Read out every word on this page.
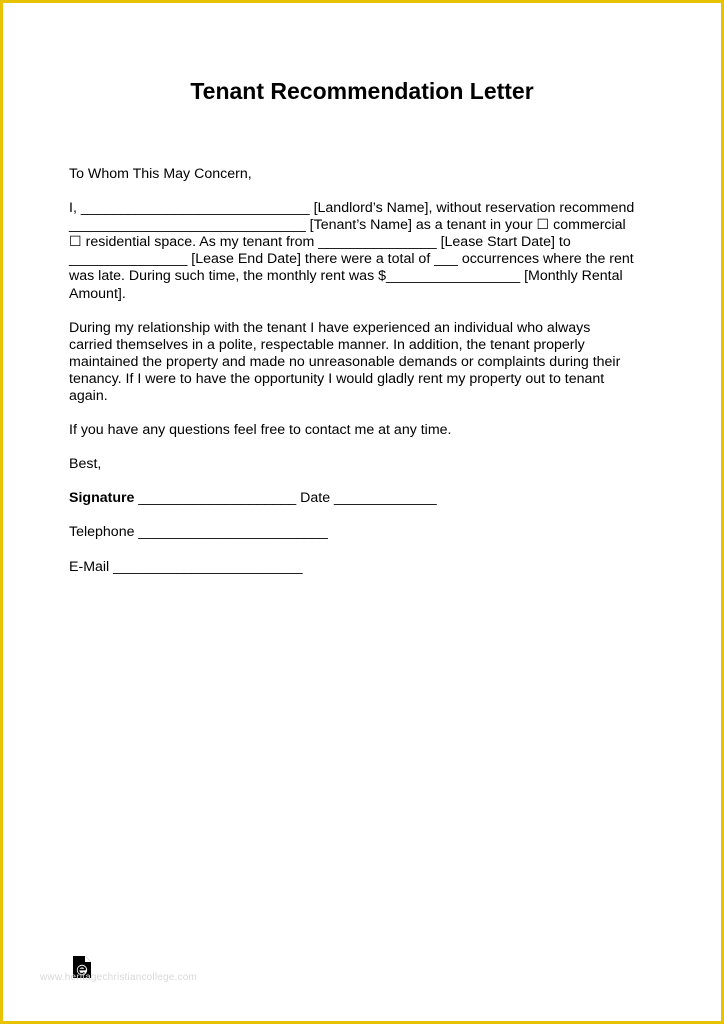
Tenant Recommendation Letter
To Whom This May Concern,
I, _____________________________ [Landlord’s Name], without reservation recommend
______________________________ [Tenant’s Name] as a tenant in your ☐ commercial
☐ residential space. As my tenant from _______________ [Lease Start Date] to
_______________ [Lease End Date] there were a total of ___ occurrences where the rent
was late. During such time, the monthly rent was $_________________ [Monthly Rental
Amount].
During my relationship with the tenant I have experienced an individual who always
carried themselves in a polite, respectable manner. In addition, the tenant properly
maintained the property and made no unreasonable demands or complaints during their
tenancy. If I were to have the opportunity I would gladly rent my property out to tenant
again.
If you have any questions feel free to contact me at any time.
Best,
Signature ____________________ Date _____________
Telephone ________________________
E-Mail ________________________
www.heritagechristiancollege.com
